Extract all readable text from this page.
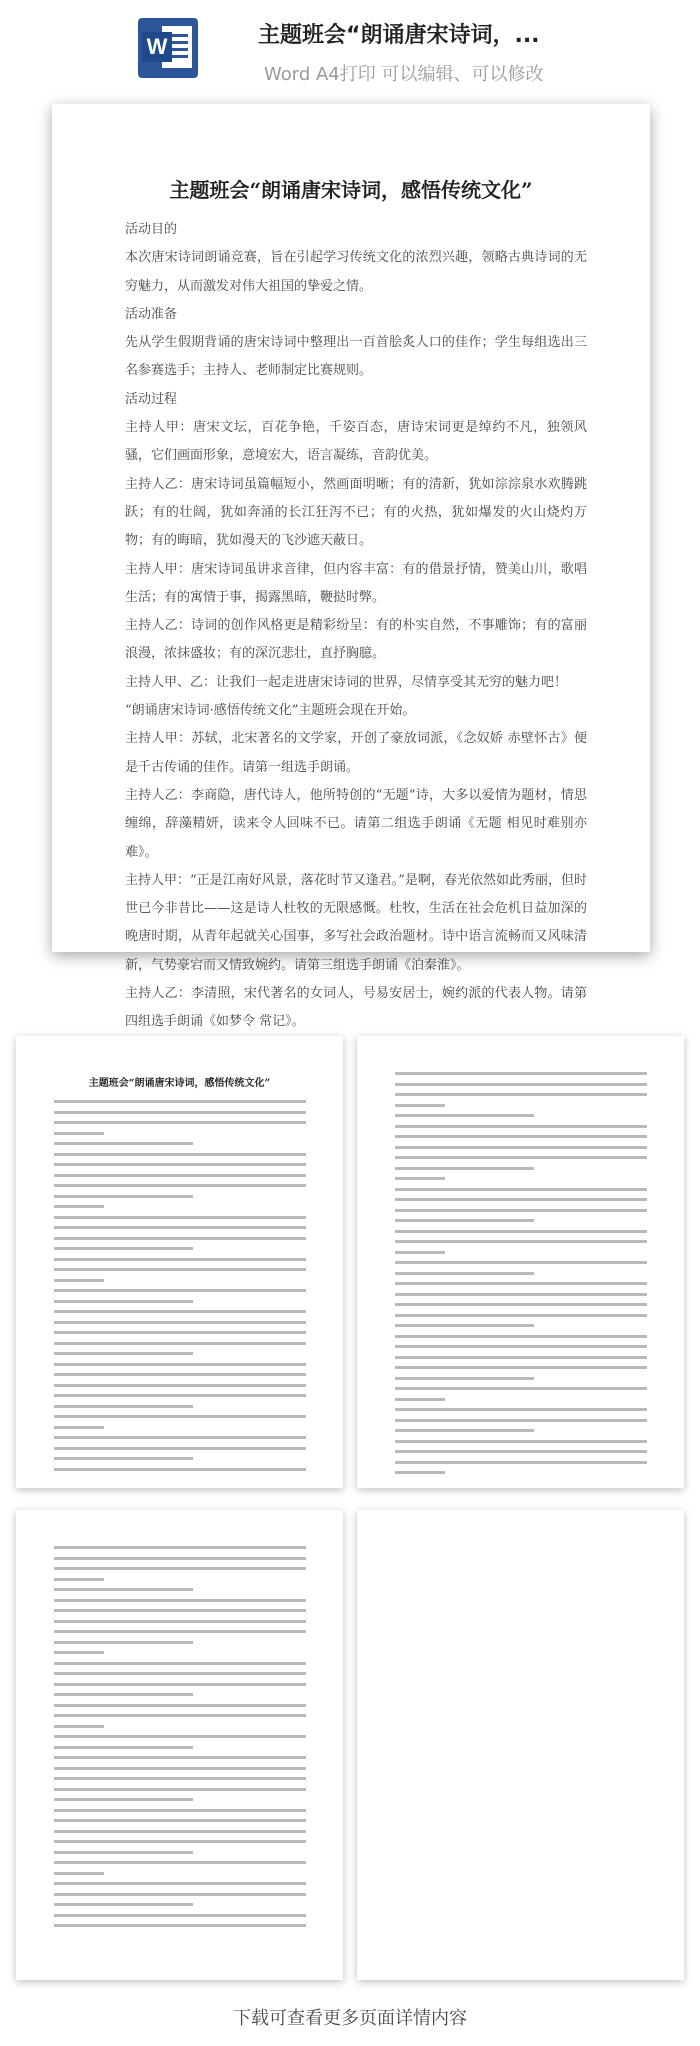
W	主题班会“朗诵唐宋诗词，...
Word A4打印 可以编辑、可以修改
主题班会“朗诵唐宋诗词，感悟传统文化”

活动目的

本次唐宋诗词朗诵竞赛，旨在引起学习传统文化的浓烈兴趣，领略古典诗词的无穷魅力，从而激发对伟大祖国的挚爱之情。

活动准备

先从学生假期背诵的唐宋诗词中整理出一百首脍炙人口的佳作；学生每组选出三名参赛选手；主持人、老师制定比赛规则。

活动过程

主持人甲：唐宋文坛，百花争艳，千姿百态，唐诗宋词更是绰约不凡，独领风骚，它们画面形象，意境宏大，语言凝练，音韵优美。

主持人乙：唐宋诗词虽篇幅短小，然画面明晰；有的清新，犹如淙淙泉水欢腾跳跃；有的壮阔，犹如奔涌的长江狂泻不已；有的火热，犹如爆发的火山烧灼万物；有的晦暗，犹如漫天的飞沙遮天蔽日。

主持人甲：唐宋诗词虽讲求音律，但内容丰富：有的借景抒情，赞美山川，歌唱生活；有的寓情于事，揭露黑暗，鞭挞时弊。

主持人乙：诗词的创作风格更是精彩纷呈：有的朴实自然，不事雕饰；有的富丽浪漫，浓抹盛妆；有的深沉悲壮，直抒胸臆。

主持人甲、乙：让我们一起走进唐宋诗词的世界，尽情享受其无穷的魅力吧！

“朗诵唐宋诗词·感悟传统文化”主题班会现在开始。

主持人甲：苏轼，北宋著名的文学家，开创了豪放词派，《念奴娇 赤壁怀古》便是千古传诵的佳作。请第一组选手朗诵。

主持人乙：李商隐，唐代诗人，他所特创的“无题”诗，大多以爱情为题材，情思缠绵，辞藻精妍，读来令人回味不已。请第二组选手朗诵《无题 相见时难别亦难》。

主持人甲：“正是江南好风景，落花时节又逢君。”是啊，春光依然如此秀丽，但时世已今非昔比——这是诗人杜牧的无限感慨。杜牧，生活在社会危机日益加深的晚唐时期，从青年起就关心国事，多写社会政治题材。诗中语言流畅而又风味清新，气势豪宕而又情致婉约。请第三组选手朗诵《泊秦淮》。

主持人乙：李清照，宋代著名的女词人，号易安居士，婉约派的代表人物。请第四组选手朗诵《如梦令 常记》。

主题班会“朗诵唐宋诗词，感悟传统文化”
下载可查看更多页面详情内容
